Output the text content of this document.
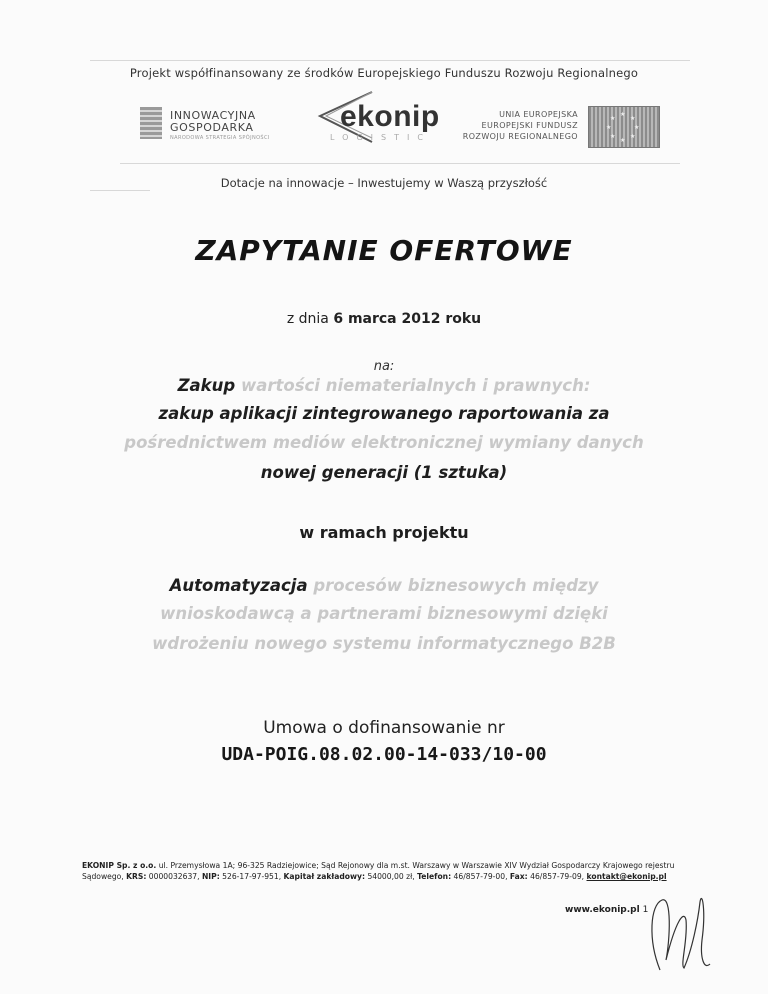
Projekt współfinansowany ze środków Europejskiego Funduszu Rozwoju Regionalnego
INNOWACYJNA
GOSPODARKA
NARODOWA STRATEGIA SPÓJNOŚCI
ekonip
LOGISTIC
UNIA EUROPEJSKA
EUROPEJSKI FUNDUSZ
ROZWOJU REGIONALNEGO
★
★
★
★
★
★
★
★
Dotacje na innowacje – Inwestujemy w Waszą przyszłość
ZAPYTANIE OFERTOWE
z dnia 6 marca 2012 roku
na:
Zakup wartości niematerialnych i prawnych:
zakup aplikacji zintegrowanego raportowania za
pośrednictwem mediów elektronicznej wymiany danych
nowej generacji (1 sztuka)
w ramach projektu
Automatyzacja procesów biznesowych między
wnioskodawcą a partnerami biznesowymi dzięki
wdrożeniu nowego systemu informatycznego B2B
Umowa o dofinansowanie nr
UDA-POIG.08.02.00-14-033/10-00
EKONIP Sp. z o.o. ul. Przemysłowa 1A; 96-325 Radziejowice; Sąd Rejonowy dla m.st. Warszawy w Warszawie XIV Wydział Gospodarczy Krajowego rejestru Sądowego, KRS: 0000032637, NIP: 526-17-97-951, Kapitał zakładowy: 54000,00 zł, Telefon: 46/857-79-00, Fax: 46/857-79-09, kontakt@ekonip.pl
www.ekonip.pl 1
